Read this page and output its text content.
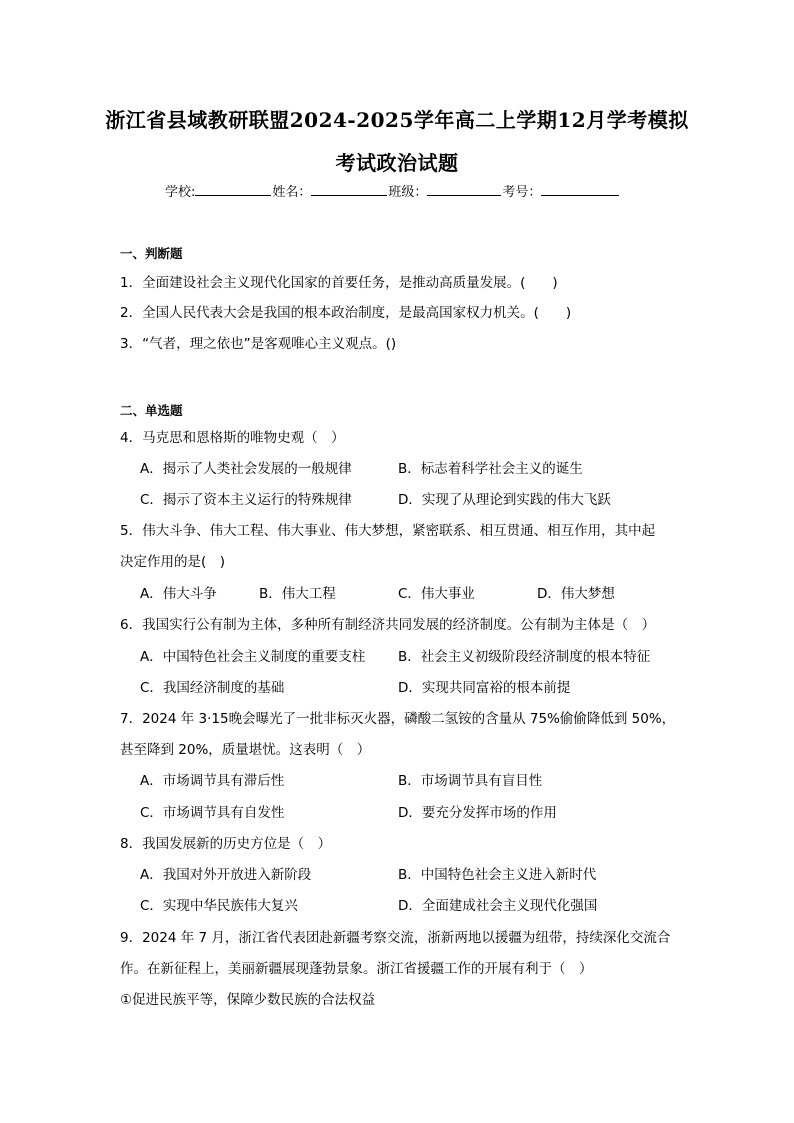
浙江省县域教研联盟2024-2025学年高二上学期12月学考模拟
考试政治试题
学校:	姓名：	班级：	考号：
一、判断题
1．全面建设社会主义现代化国家的首要任务，是推动高质量发展。(　　)
2．全国人民代表大会是我国的根本政治制度，是最高国家权力机关。(　　)
3．“气者，理之依也”是客观唯心主义观点。()
二、单选题
4．马克思和恩格斯的唯物史观（　）
A．揭示了人类社会发展的一般规律	B．标志着科学社会主义的诞生
C．揭示了资本主义运行的特殊规律	D．实现了从理论到实践的伟大飞跃
5．伟大斗争、伟大工程、伟大事业、伟大梦想，紧密联系、相互贯通、相互作用，其中起
决定作用的是(　)
A．伟大斗争	B．伟大工程	C．伟大事业	D．伟大梦想
6．我国实行公有制为主体，多种所有制经济共同发展的经济制度。公有制为主体是（　）
A．中国特色社会主义制度的重要支柱 B．社会主义初级阶段经济制度的根本特征
C．我国经济制度的基础	D．实现共同富裕的根本前提
7．2024 年 3·15晚会曝光了一批非标灭火器，磷酸二氢铵的含量从 75%偷偷降低到 50%，
甚至降到 20%，质量堪忧。这表明（　）
A．市场调节具有滞后性	B．市场调节具有盲目性
C．市场调节具有自发性	D．要充分发挥市场的作用
8．我国发展新的历史方位是（　）
A．我国对外开放进入新阶段	B．中国特色社会主义进入新时代
C．实现中华民族伟大复兴	D．全面建成社会主义现代化强国
9．2024 年 7 月，浙江省代表团赴新疆考察交流，浙新两地以援疆为纽带，持续深化交流合
作。在新征程上，美丽新疆展现蓬勃景象。浙江省援疆工作的开展有利于（　）
①促进民族平等，保障少数民族的合法权益
